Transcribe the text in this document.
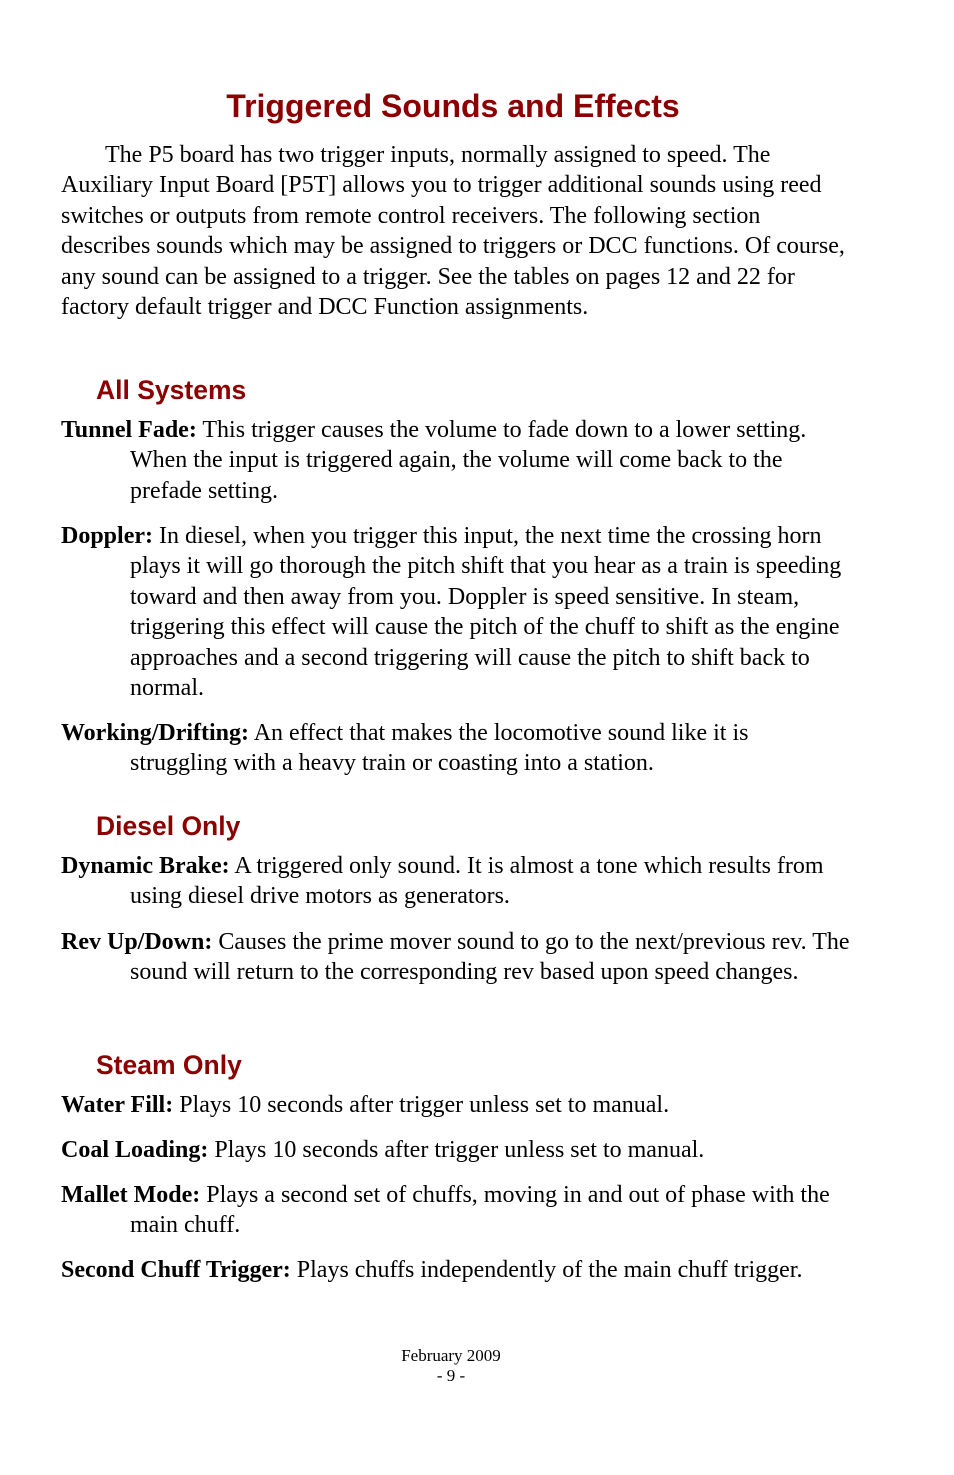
Triggered Sounds and Effects

The P5 board has two trigger inputs, normally assigned to speed. The Auxiliary Input Board [P5T] allows you to trigger additional sounds using reed switches or outputs from remote control receivers. The following section describes sounds which may be assigned to triggers or DCC functions. Of course, any sound can be assigned to a trigger. See the tables on pages 12 and 22 for factory default trigger and DCC Function assignments.

All Systems

Tunnel Fade: This trigger causes the volume to fade down to a lower setting. When the input is triggered again, the volume will come back to the prefade setting.

Doppler: In diesel, when you trigger this input, the next time the crossing horn plays it will go thorough the pitch shift that you hear as a train is speeding toward and then away from you. Doppler is speed sensitive. In steam, triggering this effect will cause the pitch of the chuff to shift as the engine approaches and a second triggering will cause the pitch to shift back to normal.

Working/Drifting: An effect that makes the locomotive sound like it is struggling with a heavy train or coasting into a station.

Diesel Only

Dynamic Brake: A triggered only sound. It is almost a tone which results from using diesel drive motors as generators.

Rev Up/Down: Causes the prime mover sound to go to the next/previous rev. The sound will return to the corresponding rev based upon speed changes.

Steam Only

Water Fill: Plays 10 seconds after trigger unless set to manual.

Coal Loading: Plays 10 seconds after trigger unless set to manual.

Mallet Mode: Plays a second set of chuffs, moving in and out of phase with the main chuff.

Second Chuff Trigger: Plays chuffs independently of the main chuff trigger.

February 2009

- 9 -
